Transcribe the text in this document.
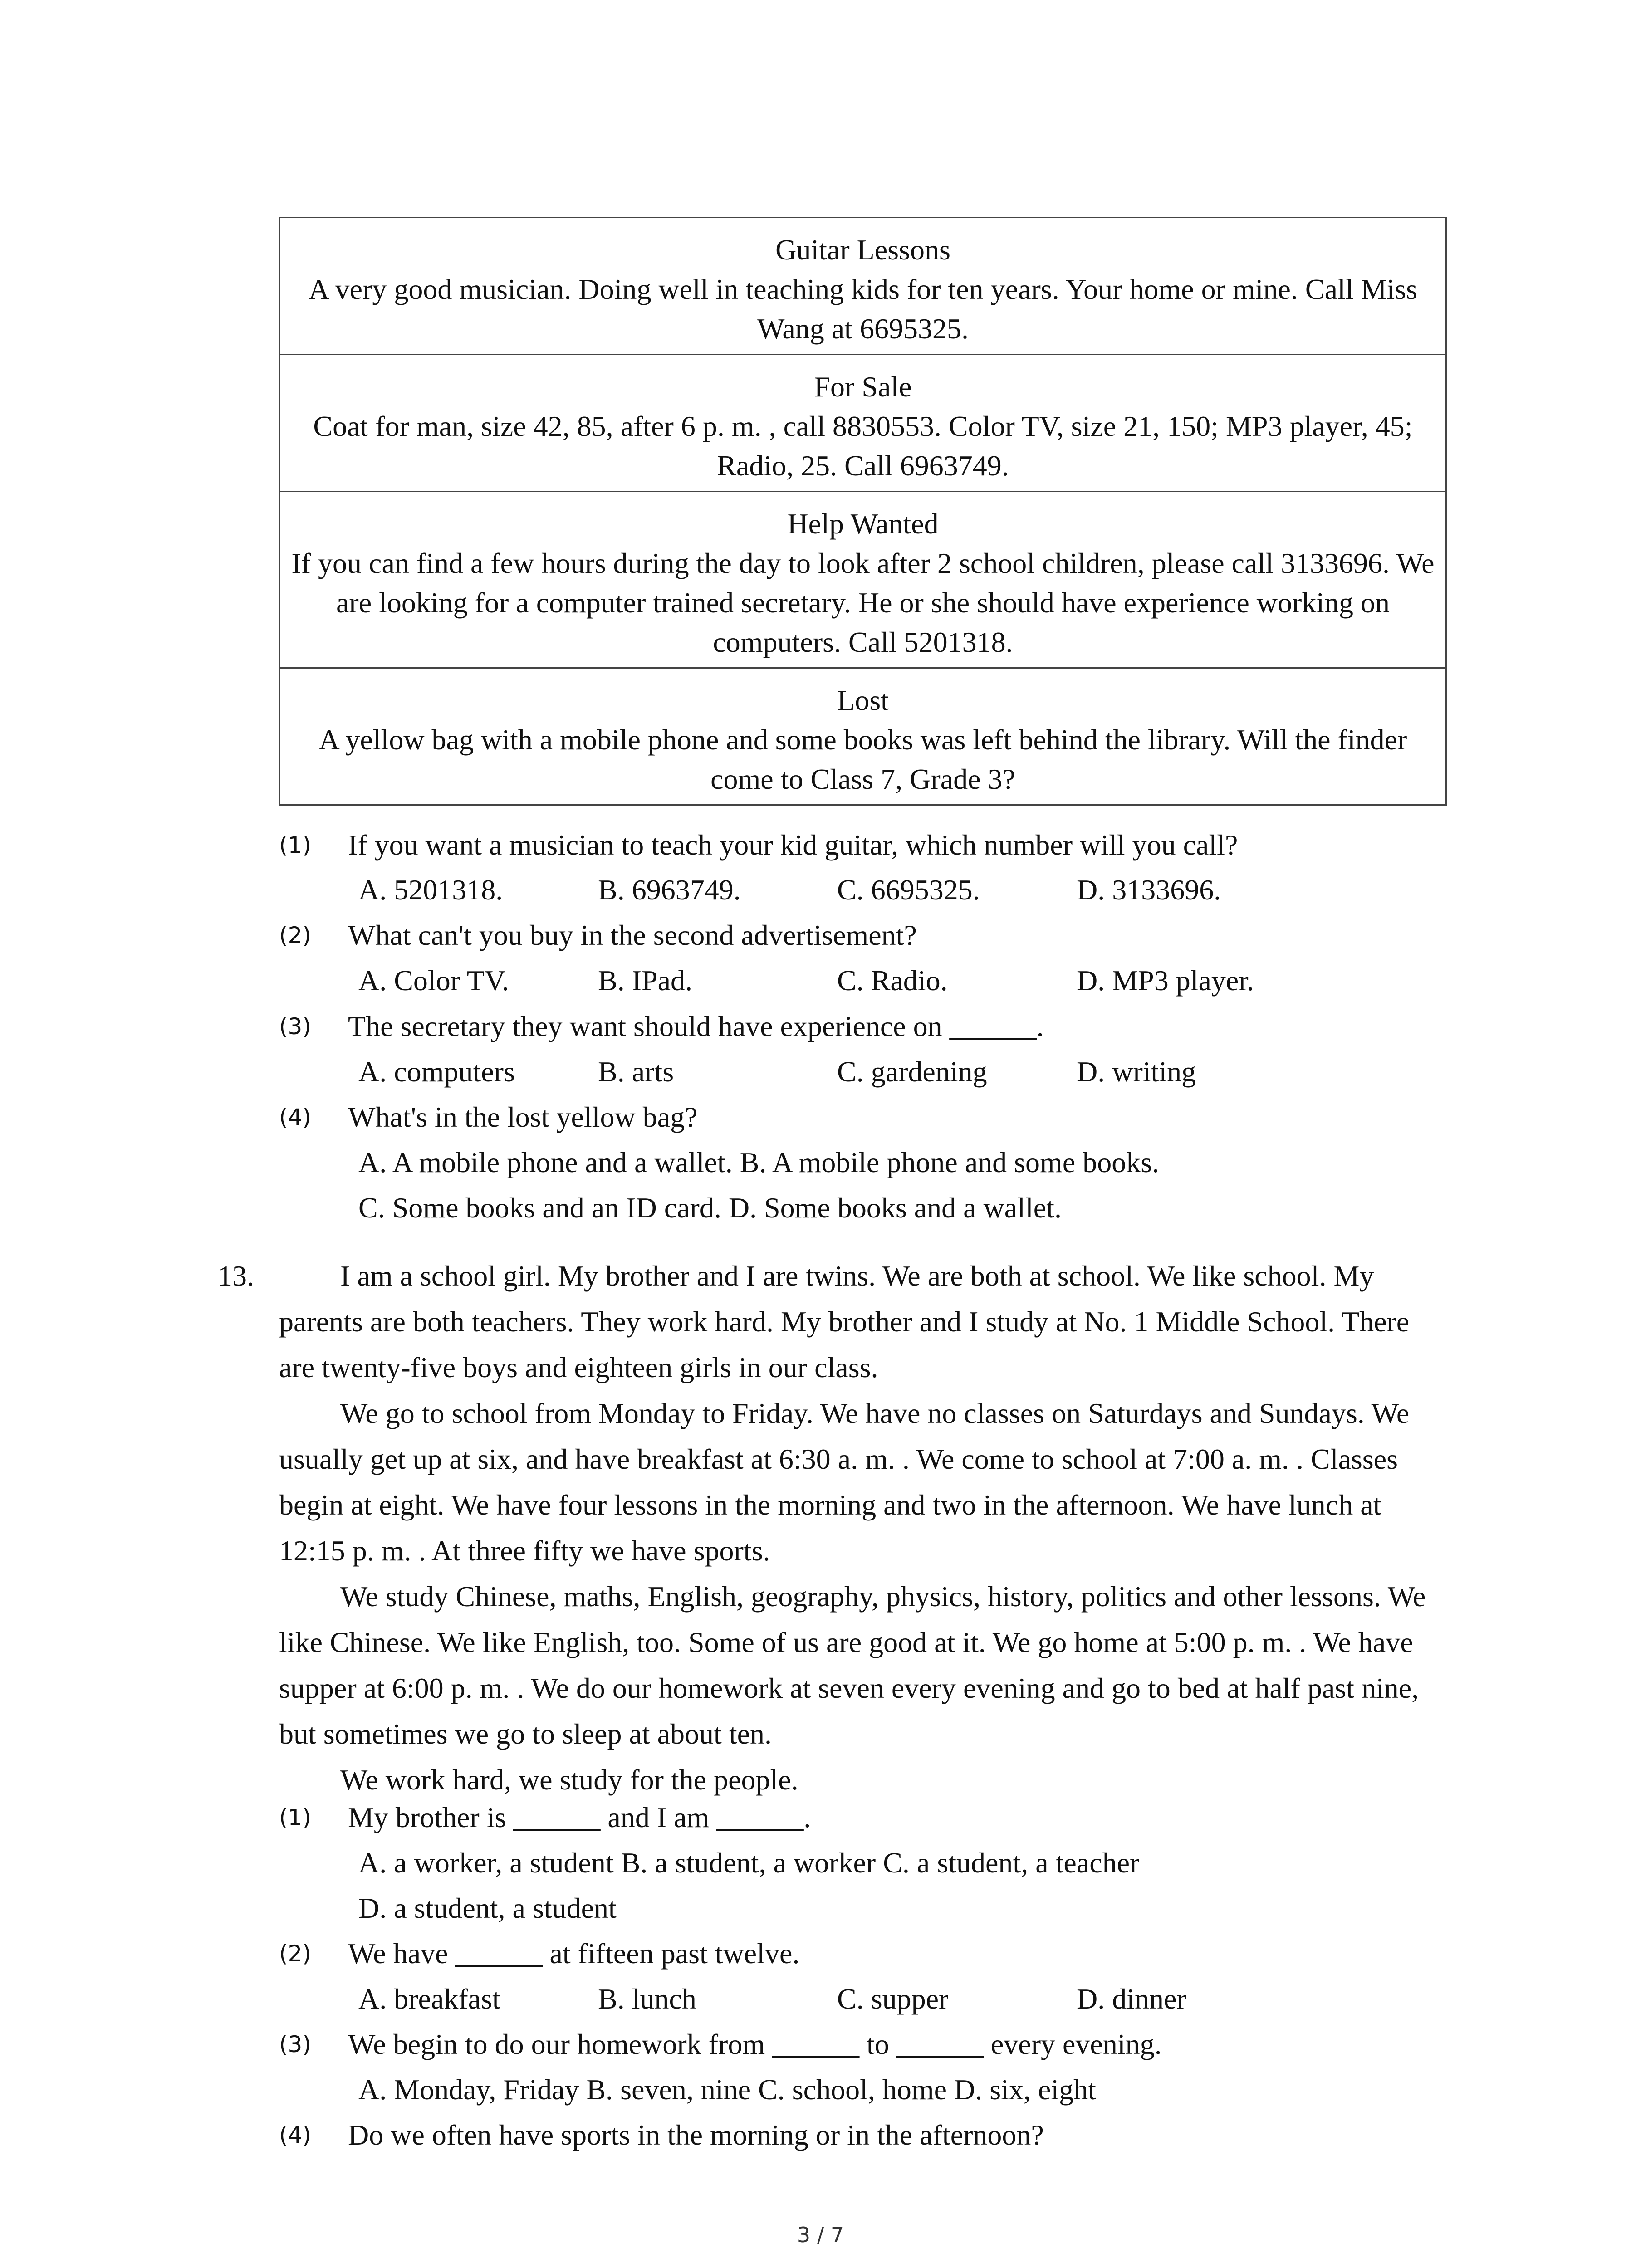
Guitar Lessons
A very good musician. Doing well in teaching kids for ten years. Your home or mine. Call Miss Wang at 6695325.
For Sale
Coat for man, size 42, 85, after 6 p. m. , call 8830553. Color TV, size 21, 150; MP3 player, 45; Radio, 25. Call 6963749.
Help Wanted
If you can find a few hours during the day to look after 2 school children, please call 3133696. We are looking for a computer trained secretary. He or she should have experience working on computers. Call 5201318.
Lost
A yellow bag with a mobile phone and some books was left behind the library. Will the finder come to Class 7, Grade 3?
(1) If you want a musician to teach your kid guitar, which number will you call?
A. 5201318.	B. 6963749.	C. 6695325.	D. 3133696.
(2) What can't you buy in the second advertisement?
A. Color TV.	B. IPad.	C. Radio.	D. MP3 player.
(3) The secretary they want should have experience on ______.
A. computers	B. arts	C. gardening	D. writing
(4) What's in the lost yellow bag?
A. A mobile phone and a wallet. B. A mobile phone and some books.
C. Some books and an ID card. D. Some books and a wallet.
13.	I am a school girl. My brother and I are twins. We are both at school. We like school. My parents are both teachers. They work hard. My brother and I study at No. 1 Middle School. There are twenty-five boys and eighteen girls in our class.

We go to school from Monday to Friday. We have no classes on Saturdays and Sundays. We usually get up at six, and have breakfast at 6:30 a. m. . We come to school at 7:00 a. m. . Classes begin at eight. We have four lessons in the morning and two in the afternoon. We have lunch at 12:15 p. m. . At three fifty we have sports.

We study Chinese, maths, English, geography, physics, history, politics and other lessons. We like Chinese. We like English, too. Some of us are good at it. We go home at 5:00 p. m. . We have supper at 6:00 p. m. . We do our homework at seven every evening and go to bed at half past nine, but sometimes we go to sleep at about ten.

We work hard, we study for the people.

(1) My brother is ______ and I am ______.
A. a worker, a student B. a student, a worker C. a student, a teacher
D. a student, a student
(2) We have ______ at fifteen past twelve.
A. breakfast	B. lunch	C. supper	D. dinner
(3) We begin to do our homework from ______ to ______ every evening.
A. Monday, Friday B. seven, nine C. school, home D. six, eight
(4) Do we often have sports in the morning or in the afternoon?
3 / 7
